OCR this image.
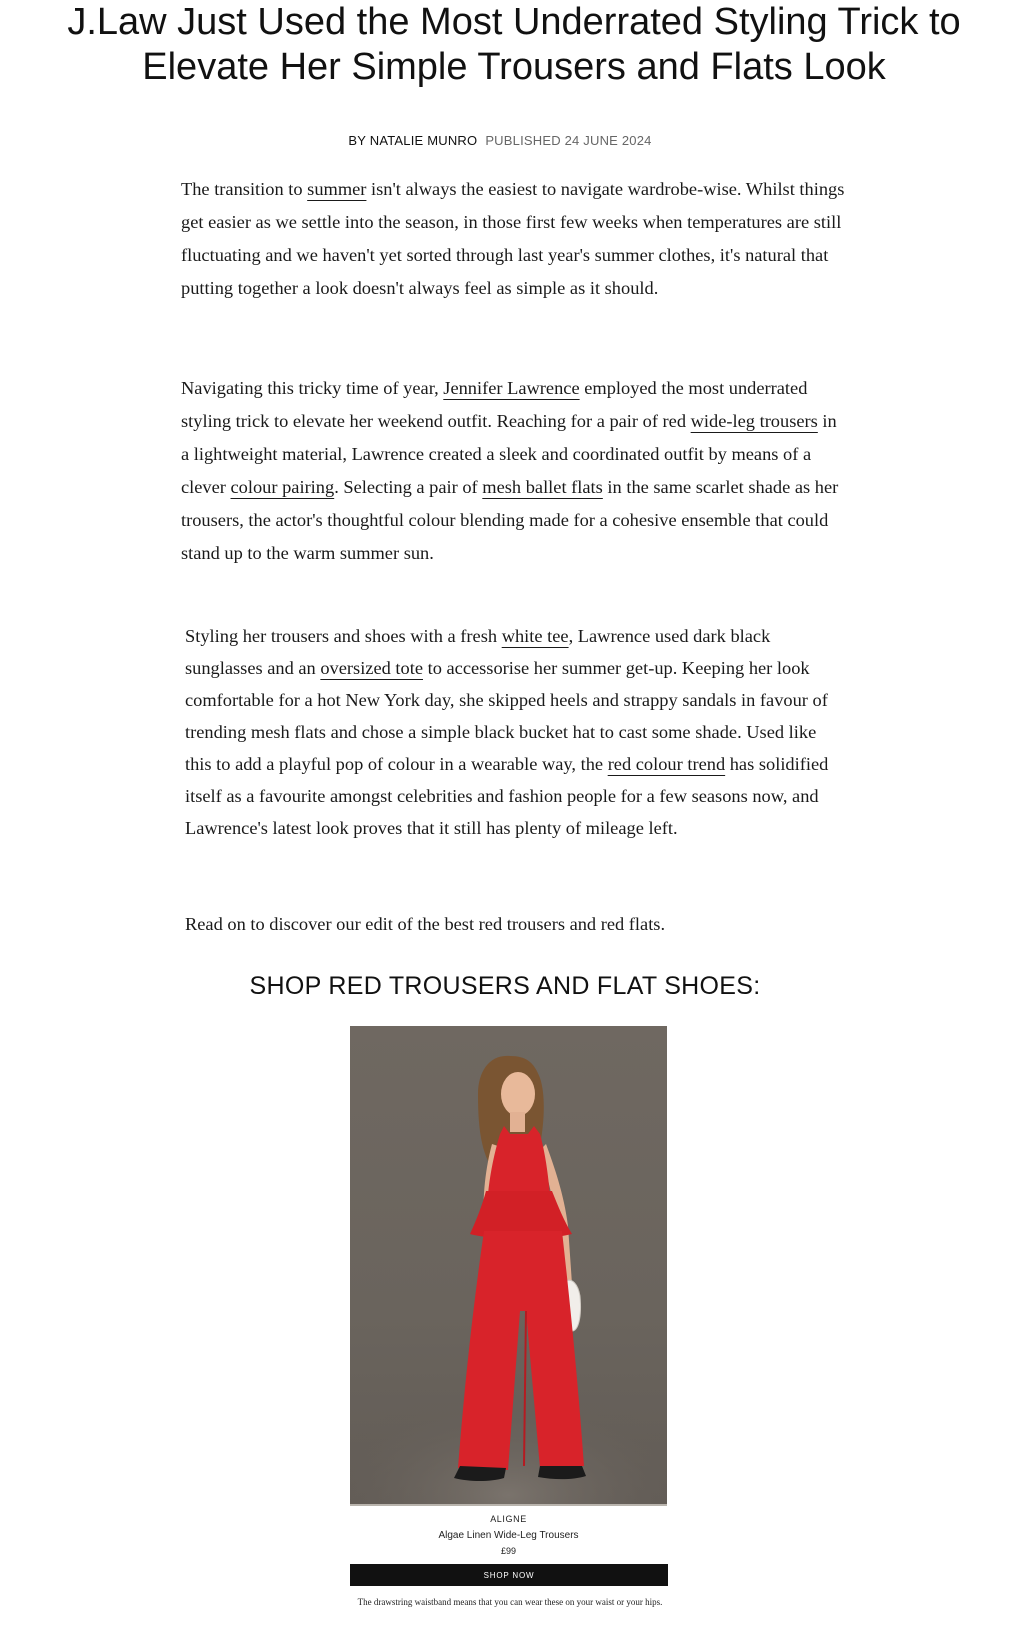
J.Law Just Used the Most Underrated Styling Trick to Elevate Her Simple Trousers and Flats Look
BY NATALIE MUNRO PUBLISHED 24 JUNE 2024

The transition to summer isn't always the easiest to navigate wardrobe-wise. Whilst things get easier as we settle into the season, in those first few weeks when temperatures are still fluctuating and we haven't yet sorted through last year's summer clothes, it's natural that putting together a look doesn't always feel as simple as it should.

Navigating this tricky time of year, Jennifer Lawrence employed the most underrated styling trick to elevate her weekend outfit. Reaching for a pair of red wide-leg trousers in a lightweight material, Lawrence created a sleek and coordinated outfit by means of a clever colour pairing. Selecting a pair of mesh ballet flats in the same scarlet shade as her trousers, the actor's thoughtful colour blending made for a cohesive ensemble that could stand up to the warm summer sun.

Styling her trousers and shoes with a fresh white tee, Lawrence used dark black sunglasses and an oversized tote to accessorise her summer get-up. Keeping her look comfortable for a hot New York day, she skipped heels and strappy sandals in favour of trending mesh flats and chose a simple black bucket hat to cast some shade. Used like this to add a playful pop of colour in a wearable way, the red colour trend has solidified itself as a favourite amongst celebrities and fashion people for a few seasons now, and Lawrence's latest look proves that it still has plenty of mileage left.

Read on to discover our edit of the best red trousers and red flats.

SHOP RED TROUSERS AND FLAT SHOES:
ALIGNE
Algae Linen Wide-Leg Trousers
£99
SHOP NOW
The drawstring waistband means that you can wear these on your waist or your hips.
